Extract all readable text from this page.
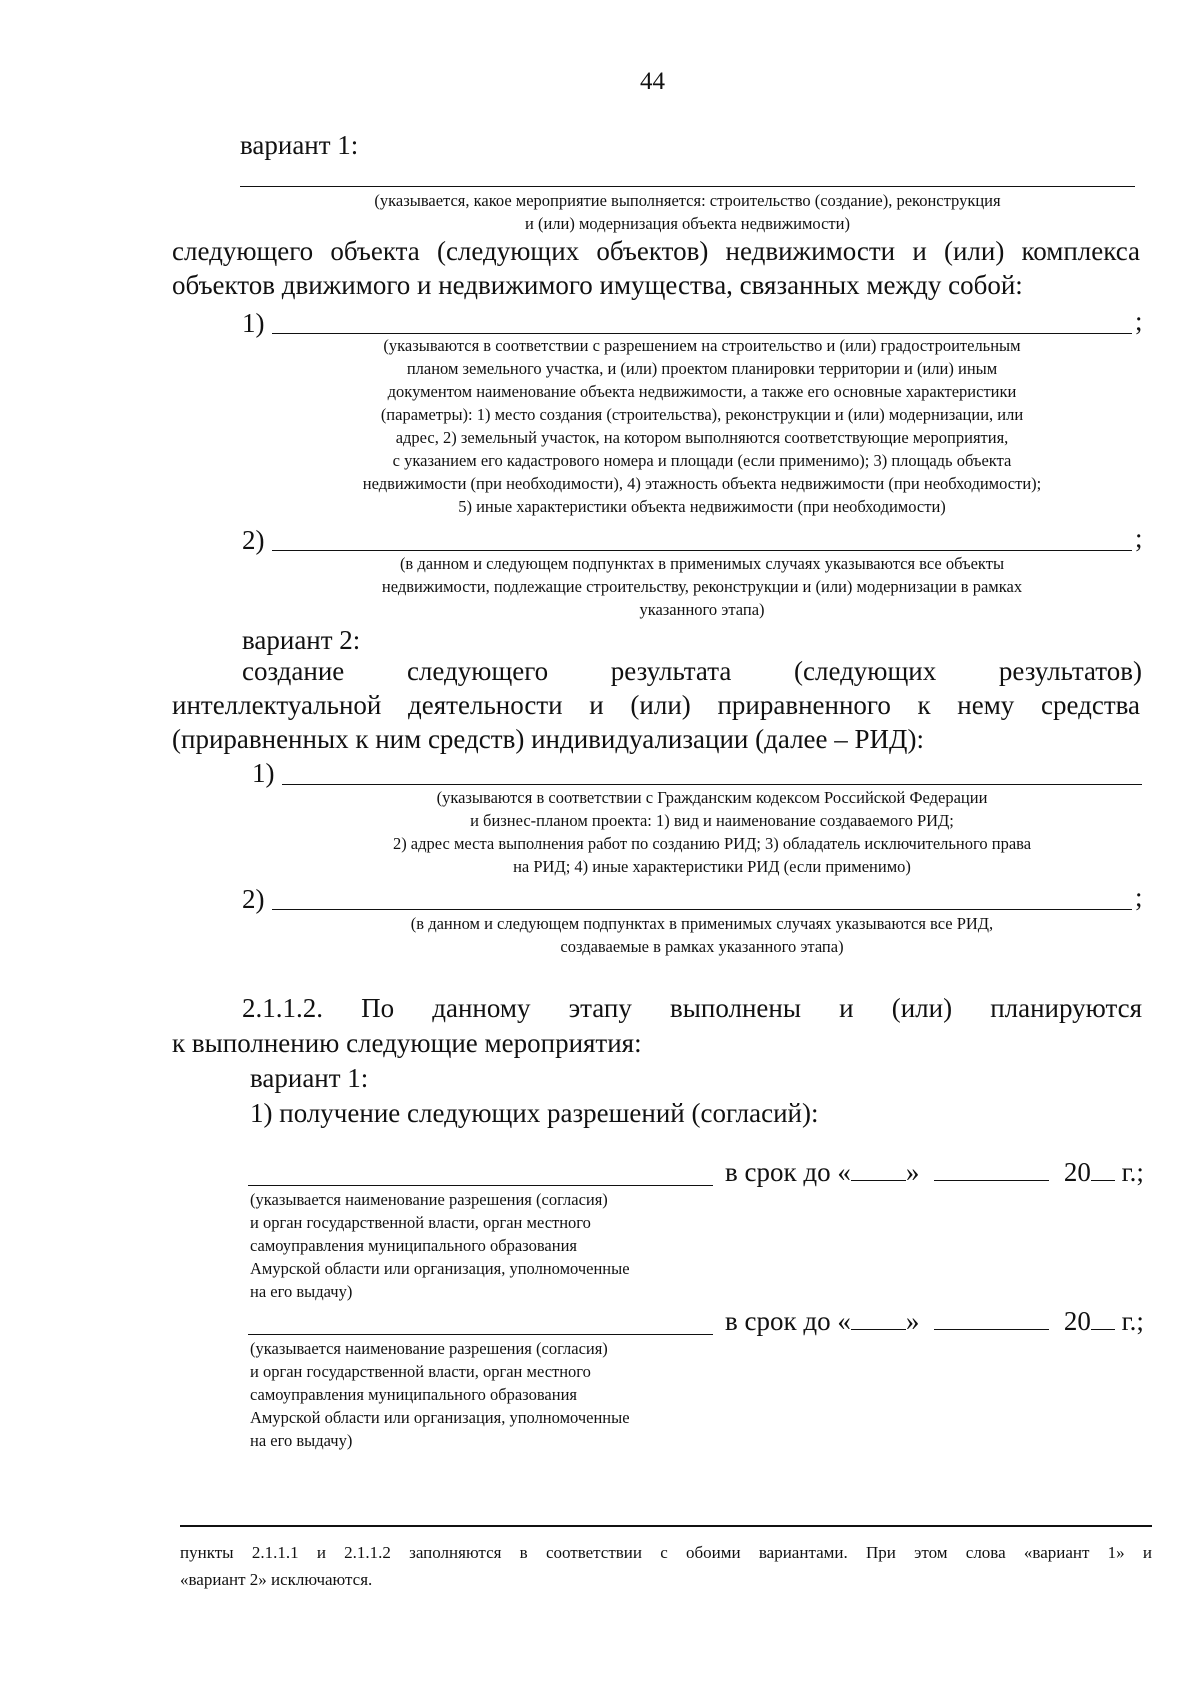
44
вариант 1:
(указывается, какое мероприятие выполняется: строительство (создание), реконструкция
и (или) модернизация объекта недвижимости)
следующего объекта (следующих объектов) недвижимости и (или) комплекса
объектов движимого и недвижимого имущества, связанных между собой:
1)	;
(указываются в соответствии с разрешением на строительство и (или) градостроительным
планом земельного участка, и (или) проектом планировки территории и (или) иным
документом наименование объекта недвижимости, а также его основные характеристики
(параметры): 1) место создания (строительства), реконструкции и (или) модернизации, или
адрес, 2) земельный участок, на котором выполняются соответствующие мероприятия,
с указанием его кадастрового номера и площади (если применимо); 3) площадь объекта
недвижимости (при необходимости), 4) этажность объекта недвижимости (при необходимости);
5) иные характеристики объекта недвижимости (при необходимости)
2)	;
(в данном и следующем подпунктах в применимых случаях указываются все объекты
недвижимости, подлежащие строительству, реконструкции и (или) модернизации в рамках
указанного этапа)
вариант 2:
создание следующего результата (следующих результатов)
интеллектуальной деятельности и (или) приравненного к нему средства
(приравненных к ним средств) индивидуализации (далее – РИД):
1)
(указываются в соответствии с Гражданским кодексом Российской Федерации
и бизнес-планом проекта: 1) вид и наименование создаваемого РИД;
2) адрес места выполнения работ по созданию РИД; 3) обладатель исключительного права
на РИД; 4) иные характеристики РИД (если применимо)
2)	;
(в данном и следующем подпунктах в применимых случаях указываются все РИД,
создаваемые в рамках указанного этапа)
2.1.1.2. По данному этапу выполнены и (или) планируются
к выполнению следующие мероприятия:
вариант 1:
1) получение следующих разрешений (согласий):
в срок до « »	20 г.;
(указывается наименование разрешения (согласия)
и орган государственной власти, орган местного
самоуправления муниципального образования
Амурской области или организация, уполномоченные
на его выдачу)
в срок до « »	20 г.;
(указывается наименование разрешения (согласия)
и орган государственной власти, орган местного
самоуправления муниципального образования
Амурской области или организация, уполномоченные
на его выдачу)
пункты 2.1.1.1 и 2.1.1.2 заполняются в соответствии с обоими вариантами. При этом слова «вариант 1» и
«вариант 2» исключаются.
